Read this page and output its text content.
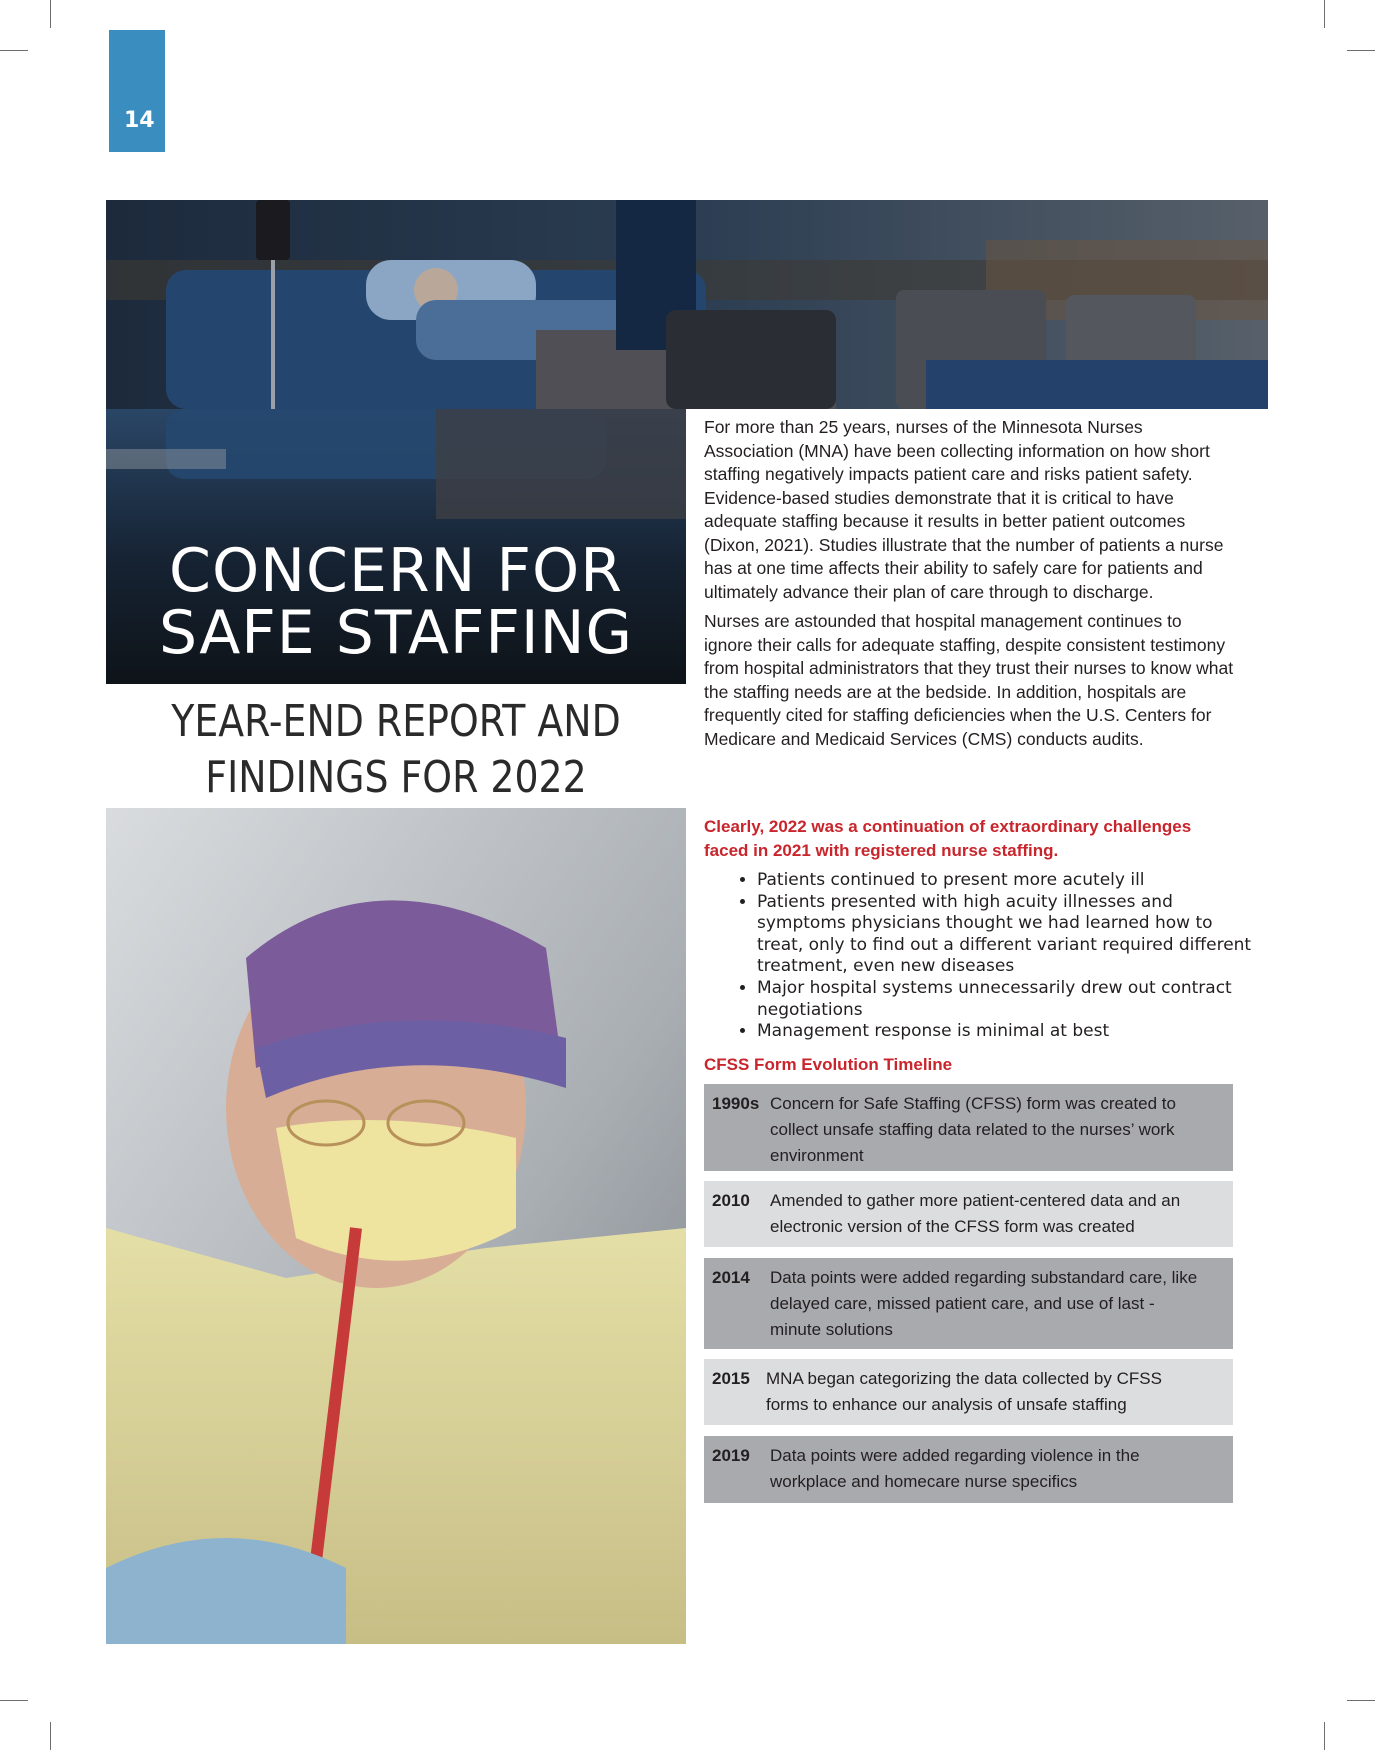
14
CONCERN FOR
SAFE STAFFING
YEAR-END REPORT AND
FINDINGS FOR 2022

For more than 25 years, nurses of the Minnesota Nurses Association (MNA) have been collecting information on how short staffing negatively impacts patient care and risks patient safety. Evidence-based studies demonstrate that it is critical to have adequate staffing because it results in better patient outcomes (Dixon, 2021). Studies illustrate that the number of patients a nurse has at one time affects their ability to safely care for patients and ultimately advance their plan of care through to discharge.

Nurses are astounded that hospital management continues to ignore their calls for adequate staffing, despite consistent testimony from hospital administrators that they trust their nurses to know what the staffing needs are at the bedside. In addition, hospitals are frequently cited for staffing deficiencies when the U.S. Centers for Medicare and Medicaid Services (CMS) conducts audits.

Clearly, 2022 was a continuation of extraordinary challenges faced in 2021 with registered nurse staffing.
• Patients continued to present more acutely ill
• Patients presented with high acuity illnesses and symptoms physicians thought we had learned how to treat, only to find out a different variant required different treatment, even new diseases
• Major hospital systems unnecessarily drew out contract negotiations
• Management response is minimal at best
CFSS Form Evolution Timeline
1990s Concern for Safe Staffing (CFSS) form was created to collect unsafe staffing data related to the nurses’ work environment
2010 Amended to gather more patient-centered data and an electronic version of the CFSS form was created
2014 Data points were added regarding substandard care, like delayed care, missed patient care, and use of last - minute solutions
2015 MNA began categorizing the data collected by CFSS forms to enhance our analysis of unsafe staffing
2019 Data points were added regarding violence in the workplace and homecare nurse specifics
